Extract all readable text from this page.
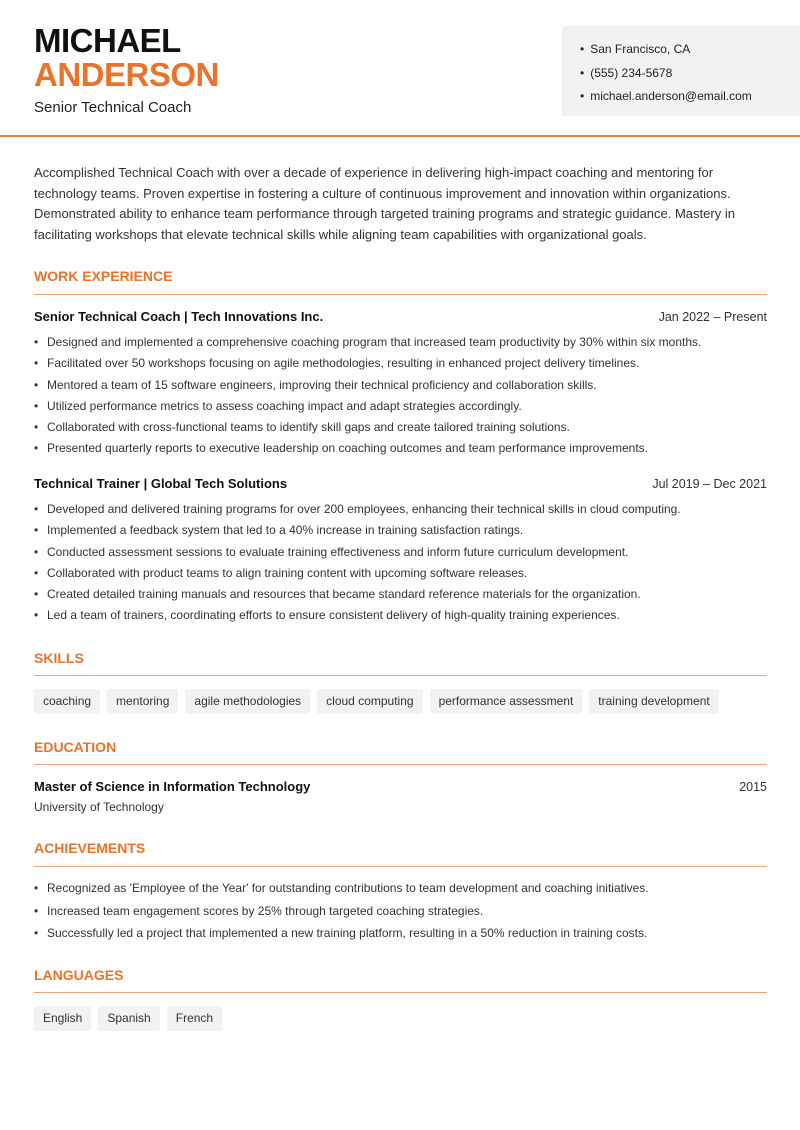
MICHAEL
ANDERSON
Senior Technical Coach
• San Francisco, CA
• (555) 234-5678
• michael.anderson@email.com

Accomplished Technical Coach with over a decade of experience in delivering high-impact coaching and mentoring for technology teams. Proven expertise in fostering a culture of continuous improvement and innovation within organizations. Demonstrated ability to enhance team performance through targeted training programs and strategic guidance. Mastery in facilitating workshops that elevate technical skills while aligning team capabilities with organizational goals.

WORK EXPERIENCE
Senior Technical Coach | Tech Innovations Inc.	Jan 2022 – Present
• Designed and implemented a comprehensive coaching program that increased team productivity by 30% within six months.
• Facilitated over 50 workshops focusing on agile methodologies, resulting in enhanced project delivery timelines.
• Mentored a team of 15 software engineers, improving their technical proficiency and collaboration skills.
• Utilized performance metrics to assess coaching impact and adapt strategies accordingly.
• Collaborated with cross-functional teams to identify skill gaps and create tailored training solutions.
• Presented quarterly reports to executive leadership on coaching outcomes and team performance improvements.
Technical Trainer | Global Tech Solutions	Jul 2019 – Dec 2021
• Developed and delivered training programs for over 200 employees, enhancing their technical skills in cloud computing.
• Implemented a feedback system that led to a 40% increase in training satisfaction ratings.
• Conducted assessment sessions to evaluate training effectiveness and inform future curriculum development.
• Collaborated with product teams to align training content with upcoming software releases.
• Created detailed training manuals and resources that became standard reference materials for the organization.
• Led a team of trainers, coordinating efforts to ensure consistent delivery of high-quality training experiences.
SKILLS
coaching	mentoring	agile methodologies	cloud computing	performance assessment	training development
EDUCATION
Master of Science in Information Technology	2015
University of Technology
ACHIEVEMENTS
• Recognized as 'Employee of the Year' for outstanding contributions to team development and coaching initiatives.
• Increased team engagement scores by 25% through targeted coaching strategies.
• Successfully led a project that implemented a new training platform, resulting in a 50% reduction in training costs.
LANGUAGES
English	Spanish	French
